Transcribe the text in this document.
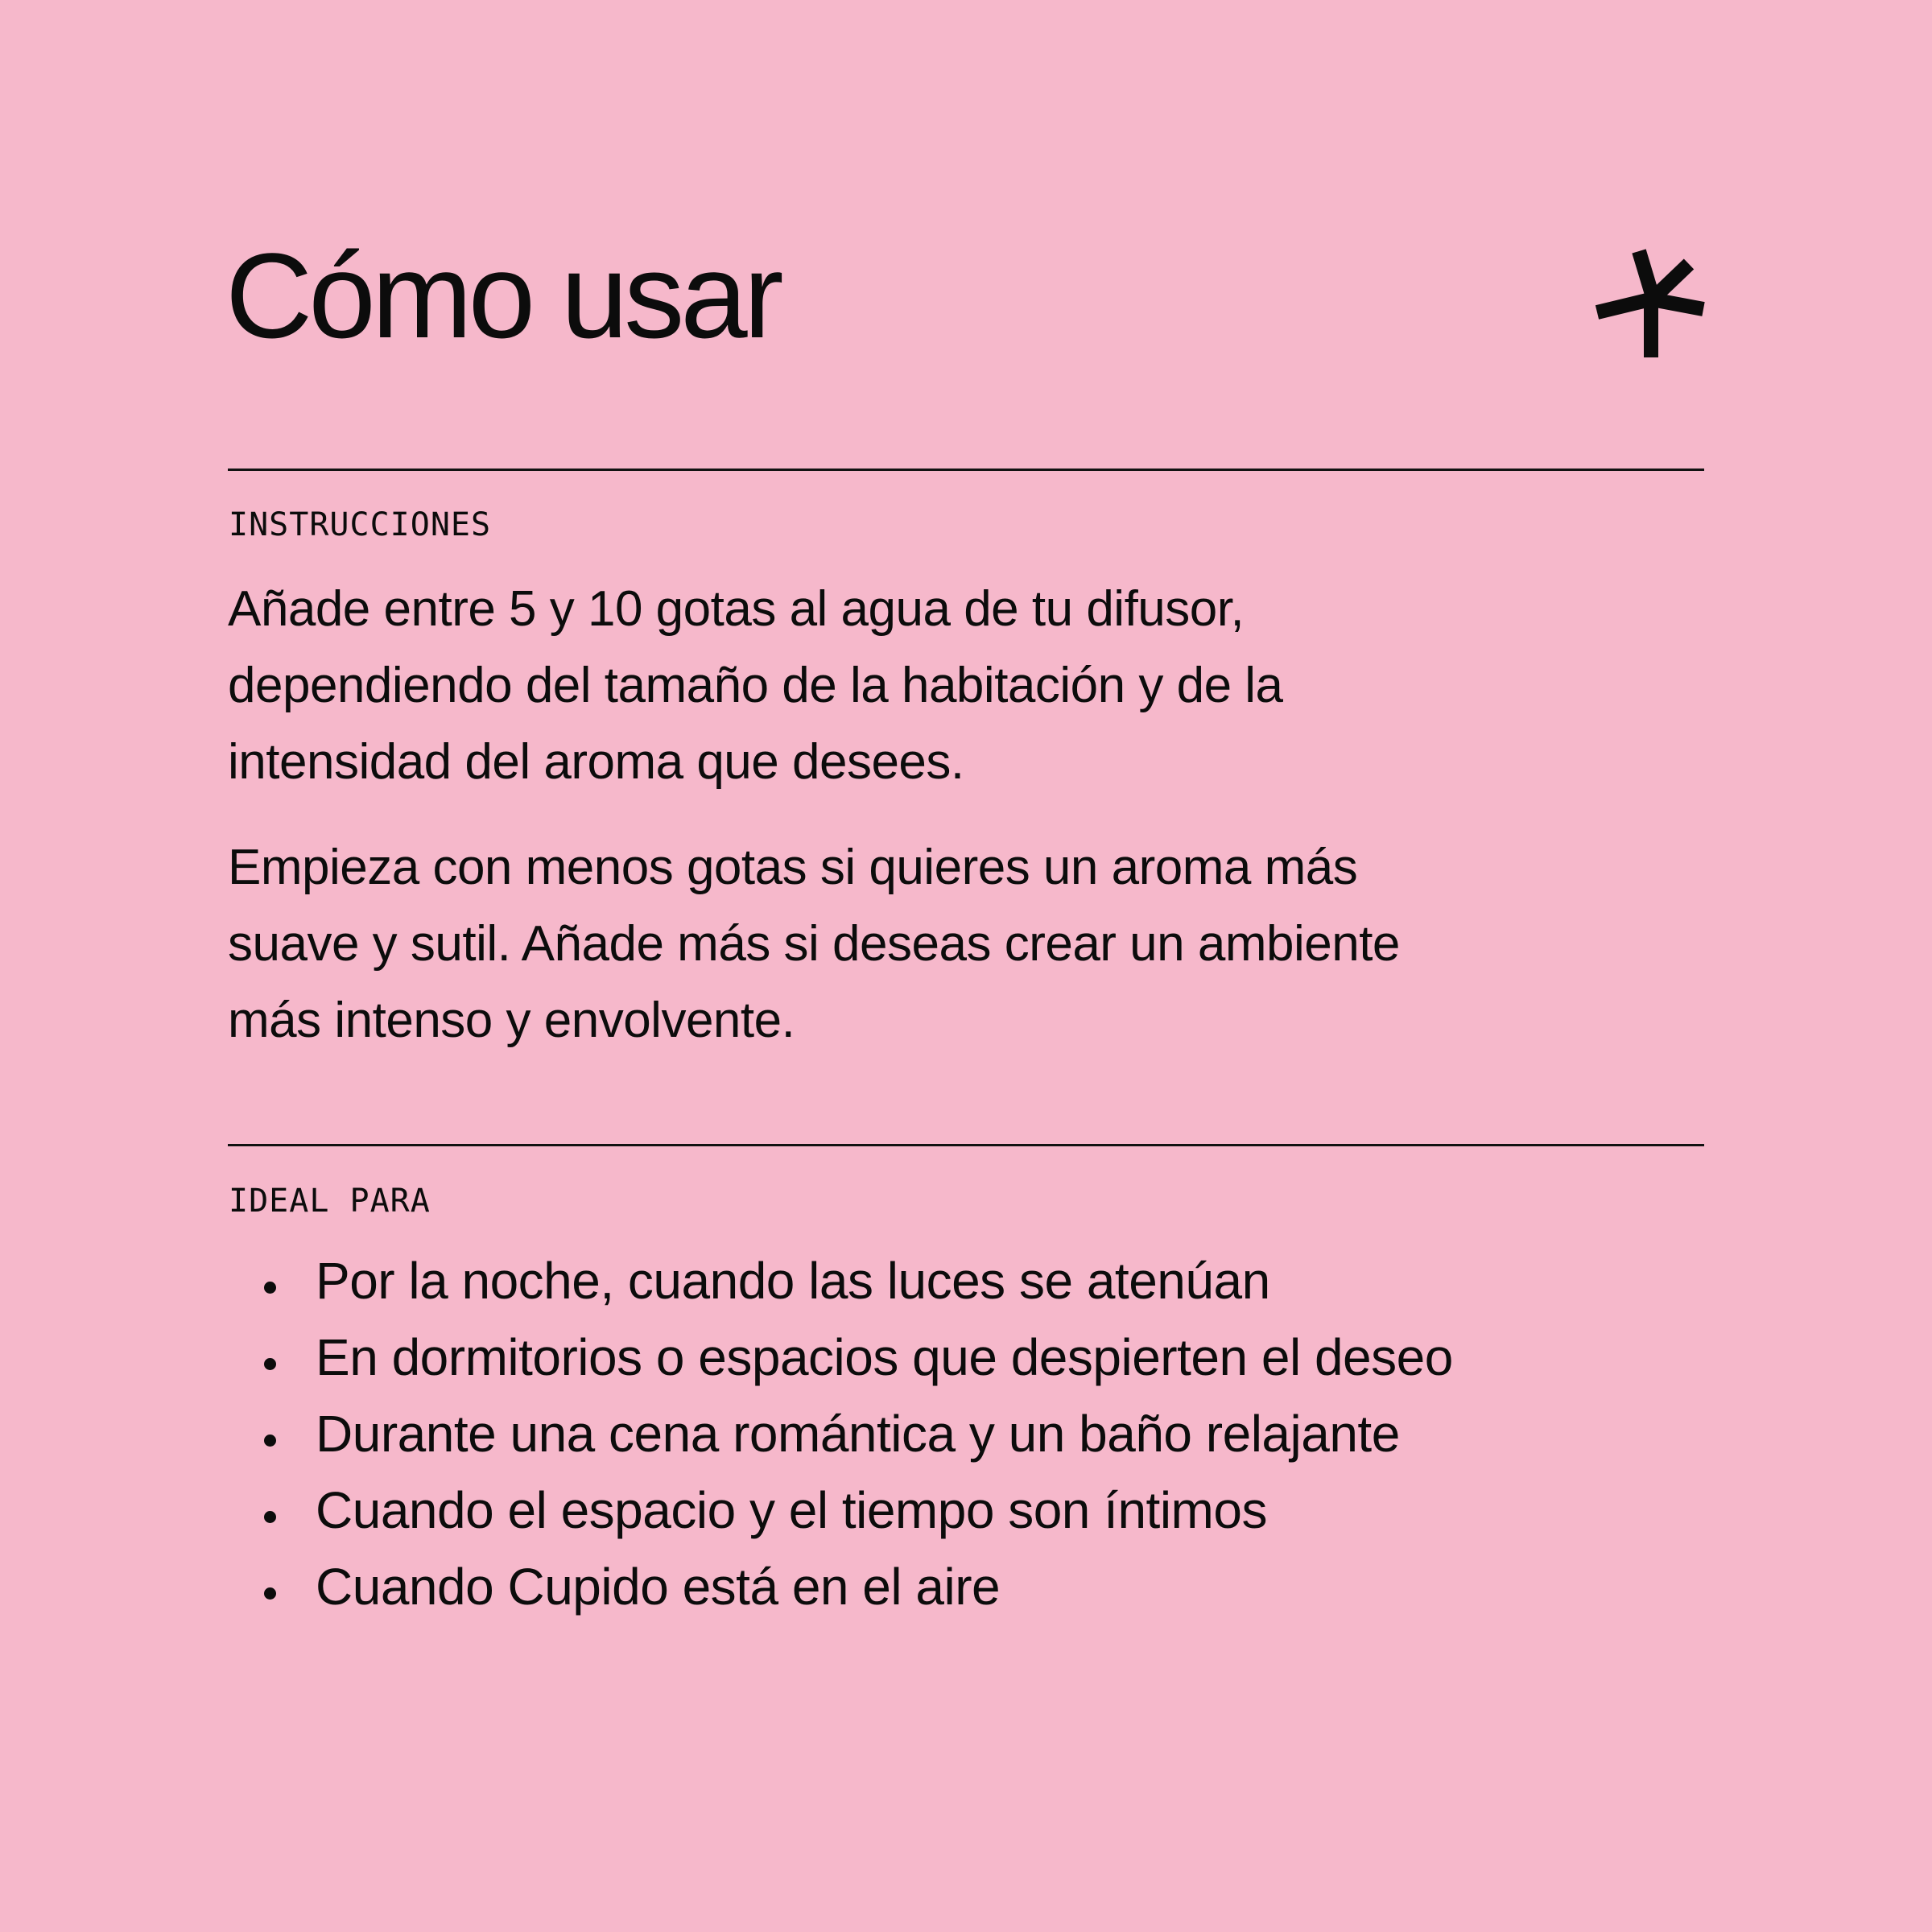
Cómo usar
INSTRUCCIONES

Añade entre 5 y 10 gotas al agua de tu difusor,
dependiendo del tamaño de la habitación y de la
intensidad del aroma que desees.

Empieza con menos gotas si quieres un aroma más
suave y sutil. Añade más si deseas crear un ambiente
más intenso y envolvente.

IDEAL PARA
Por la noche, cuando las luces se atenúan
En dormitorios o espacios que despierten el deseo
Durante una cena romántica y un baño relajante
Cuando el espacio y el tiempo son íntimos
Cuando Cupido está en el aire
